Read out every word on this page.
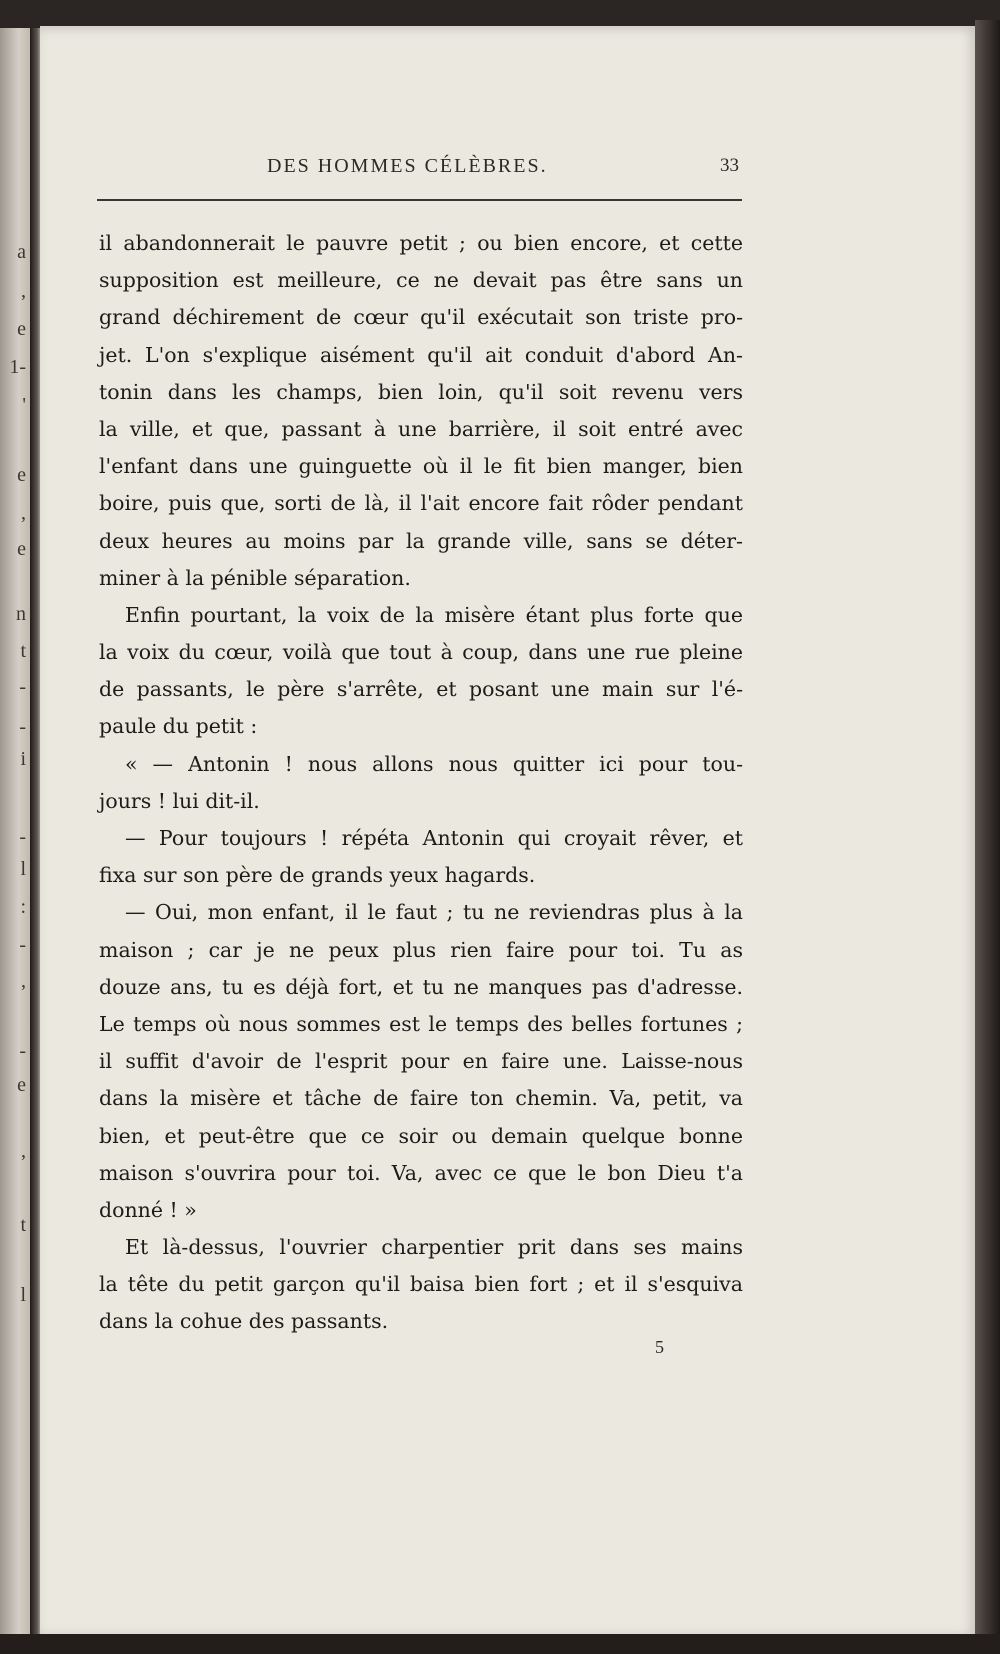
a
,
e
1-
'
e
,
e
n
t
-
-
i
-
l
:
-
,
-
e
,
t
l
DES HOMMES CÉLÈBRES.	33
il abandonnerait le pauvre petit ; ou bien encore, et cette
supposition est meilleure, ce ne devait pas être sans un
grand déchirement de cœur qu'il exécutait son triste pro-
jet. L'on s'explique aisément qu'il ait conduit d'abord An-
tonin dans les champs, bien loin, qu'il soit revenu vers
la ville, et que, passant à une barrière, il soit entré avec
l'enfant dans une guinguette où il le fit bien manger, bien
boire, puis que, sorti de là, il l'ait encore fait rôder pendant
deux heures au moins par la grande ville, sans se déter-
miner à la pénible séparation.
Enfin pourtant, la voix de la misère étant plus forte que
la voix du cœur, voilà que tout à coup, dans une rue pleine
de passants, le père s'arrête, et posant une main sur l'é-
paule du petit :
« — Antonin ! nous allons nous quitter ici pour tou-
jours ! lui dit-il.
— Pour toujours ! répéta Antonin qui croyait rêver, et
fixa sur son père de grands yeux hagards.
— Oui, mon enfant, il le faut ; tu ne reviendras plus à la
maison ; car je ne peux plus rien faire pour toi. Tu as
douze ans, tu es déjà fort, et tu ne manques pas d'adresse.
Le temps où nous sommes est le temps des belles fortunes ;
il suffit d'avoir de l'esprit pour en faire une. Laisse-nous
dans la misère et tâche de faire ton chemin. Va, petit, va
bien, et peut-être que ce soir ou demain quelque bonne
maison s'ouvrira pour toi. Va, avec ce que le bon Dieu t'a
donné ! »
Et là-dessus, l'ouvrier charpentier prit dans ses mains
la tête du petit garçon qu'il baisa bien fort ; et il s'esquiva
dans la cohue des passants.
5
